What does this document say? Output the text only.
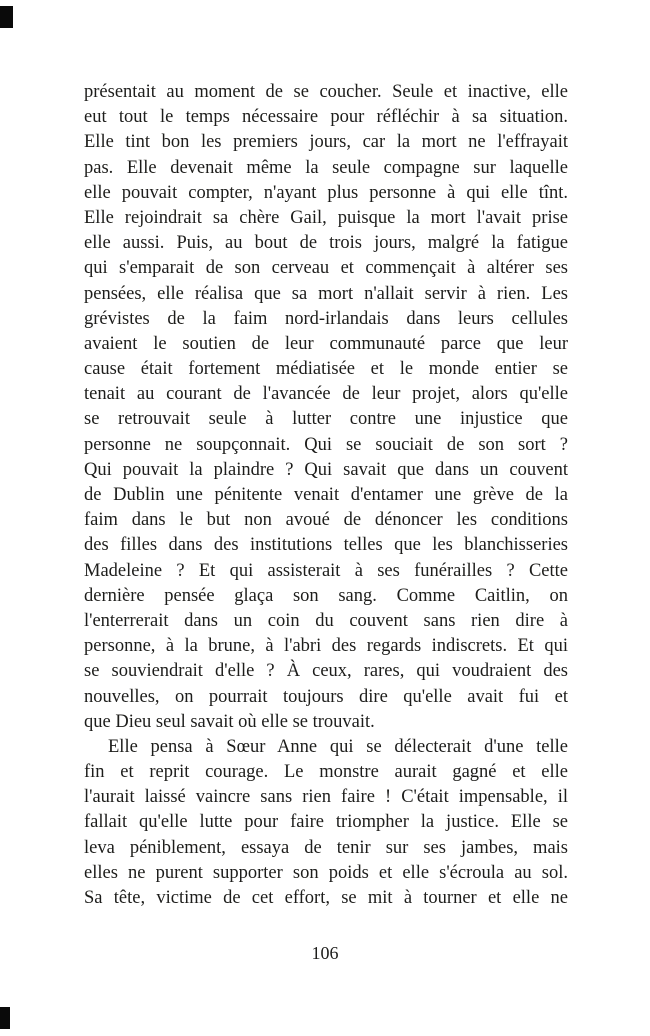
présentait au moment de se coucher. Seule et inactive, elle
eut tout le temps nécessaire pour réfléchir à sa situation.
Elle tint bon les premiers jours, car la mort ne l'effrayait
pas. Elle devenait même la seule compagne sur laquelle
elle pouvait compter, n'ayant plus personne à qui elle tînt.
Elle rejoindrait sa chère Gail, puisque la mort l'avait prise
elle aussi. Puis, au bout de trois jours, malgré la fatigue
qui s'emparait de son cerveau et commençait à altérer ses
pensées, elle réalisa que sa mort n'allait servir à rien. Les
grévistes de la faim nord-irlandais dans leurs cellules
avaient le soutien de leur communauté parce que leur
cause était fortement médiatisée et le monde entier se
tenait au courant de l'avancée de leur projet, alors qu'elle
se retrouvait seule à lutter contre une injustice que
personne ne soupçonnait. Qui se souciait de son sort ?
Qui pouvait la plaindre ? Qui savait que dans un couvent
de Dublin une pénitente venait d'entamer une grève de la
faim dans le but non avoué de dénoncer les conditions
des filles dans des institutions telles que les blanchisseries
Madeleine ? Et qui assisterait à ses funérailles ? Cette
dernière pensée glaça son sang. Comme Caitlin, on
l'enterrerait dans un coin du couvent sans rien dire à
personne, à la brune, à l'abri des regards indiscrets. Et qui
se souviendrait d'elle ? À ceux, rares, qui voudraient des
nouvelles, on pourrait toujours dire qu'elle avait fui et
que Dieu seul savait où elle se trouvait.
Elle pensa à Sœur Anne qui se délecterait d'une telle
fin et reprit courage. Le monstre aurait gagné et elle
l'aurait laissé vaincre sans rien faire ! C'était impensable, il
fallait qu'elle lutte pour faire triompher la justice. Elle se
leva péniblement, essaya de tenir sur ses jambes, mais
elles ne purent supporter son poids et elle s'écroula au sol.
Sa tête, victime de cet effort, se mit à tourner et elle ne
106
